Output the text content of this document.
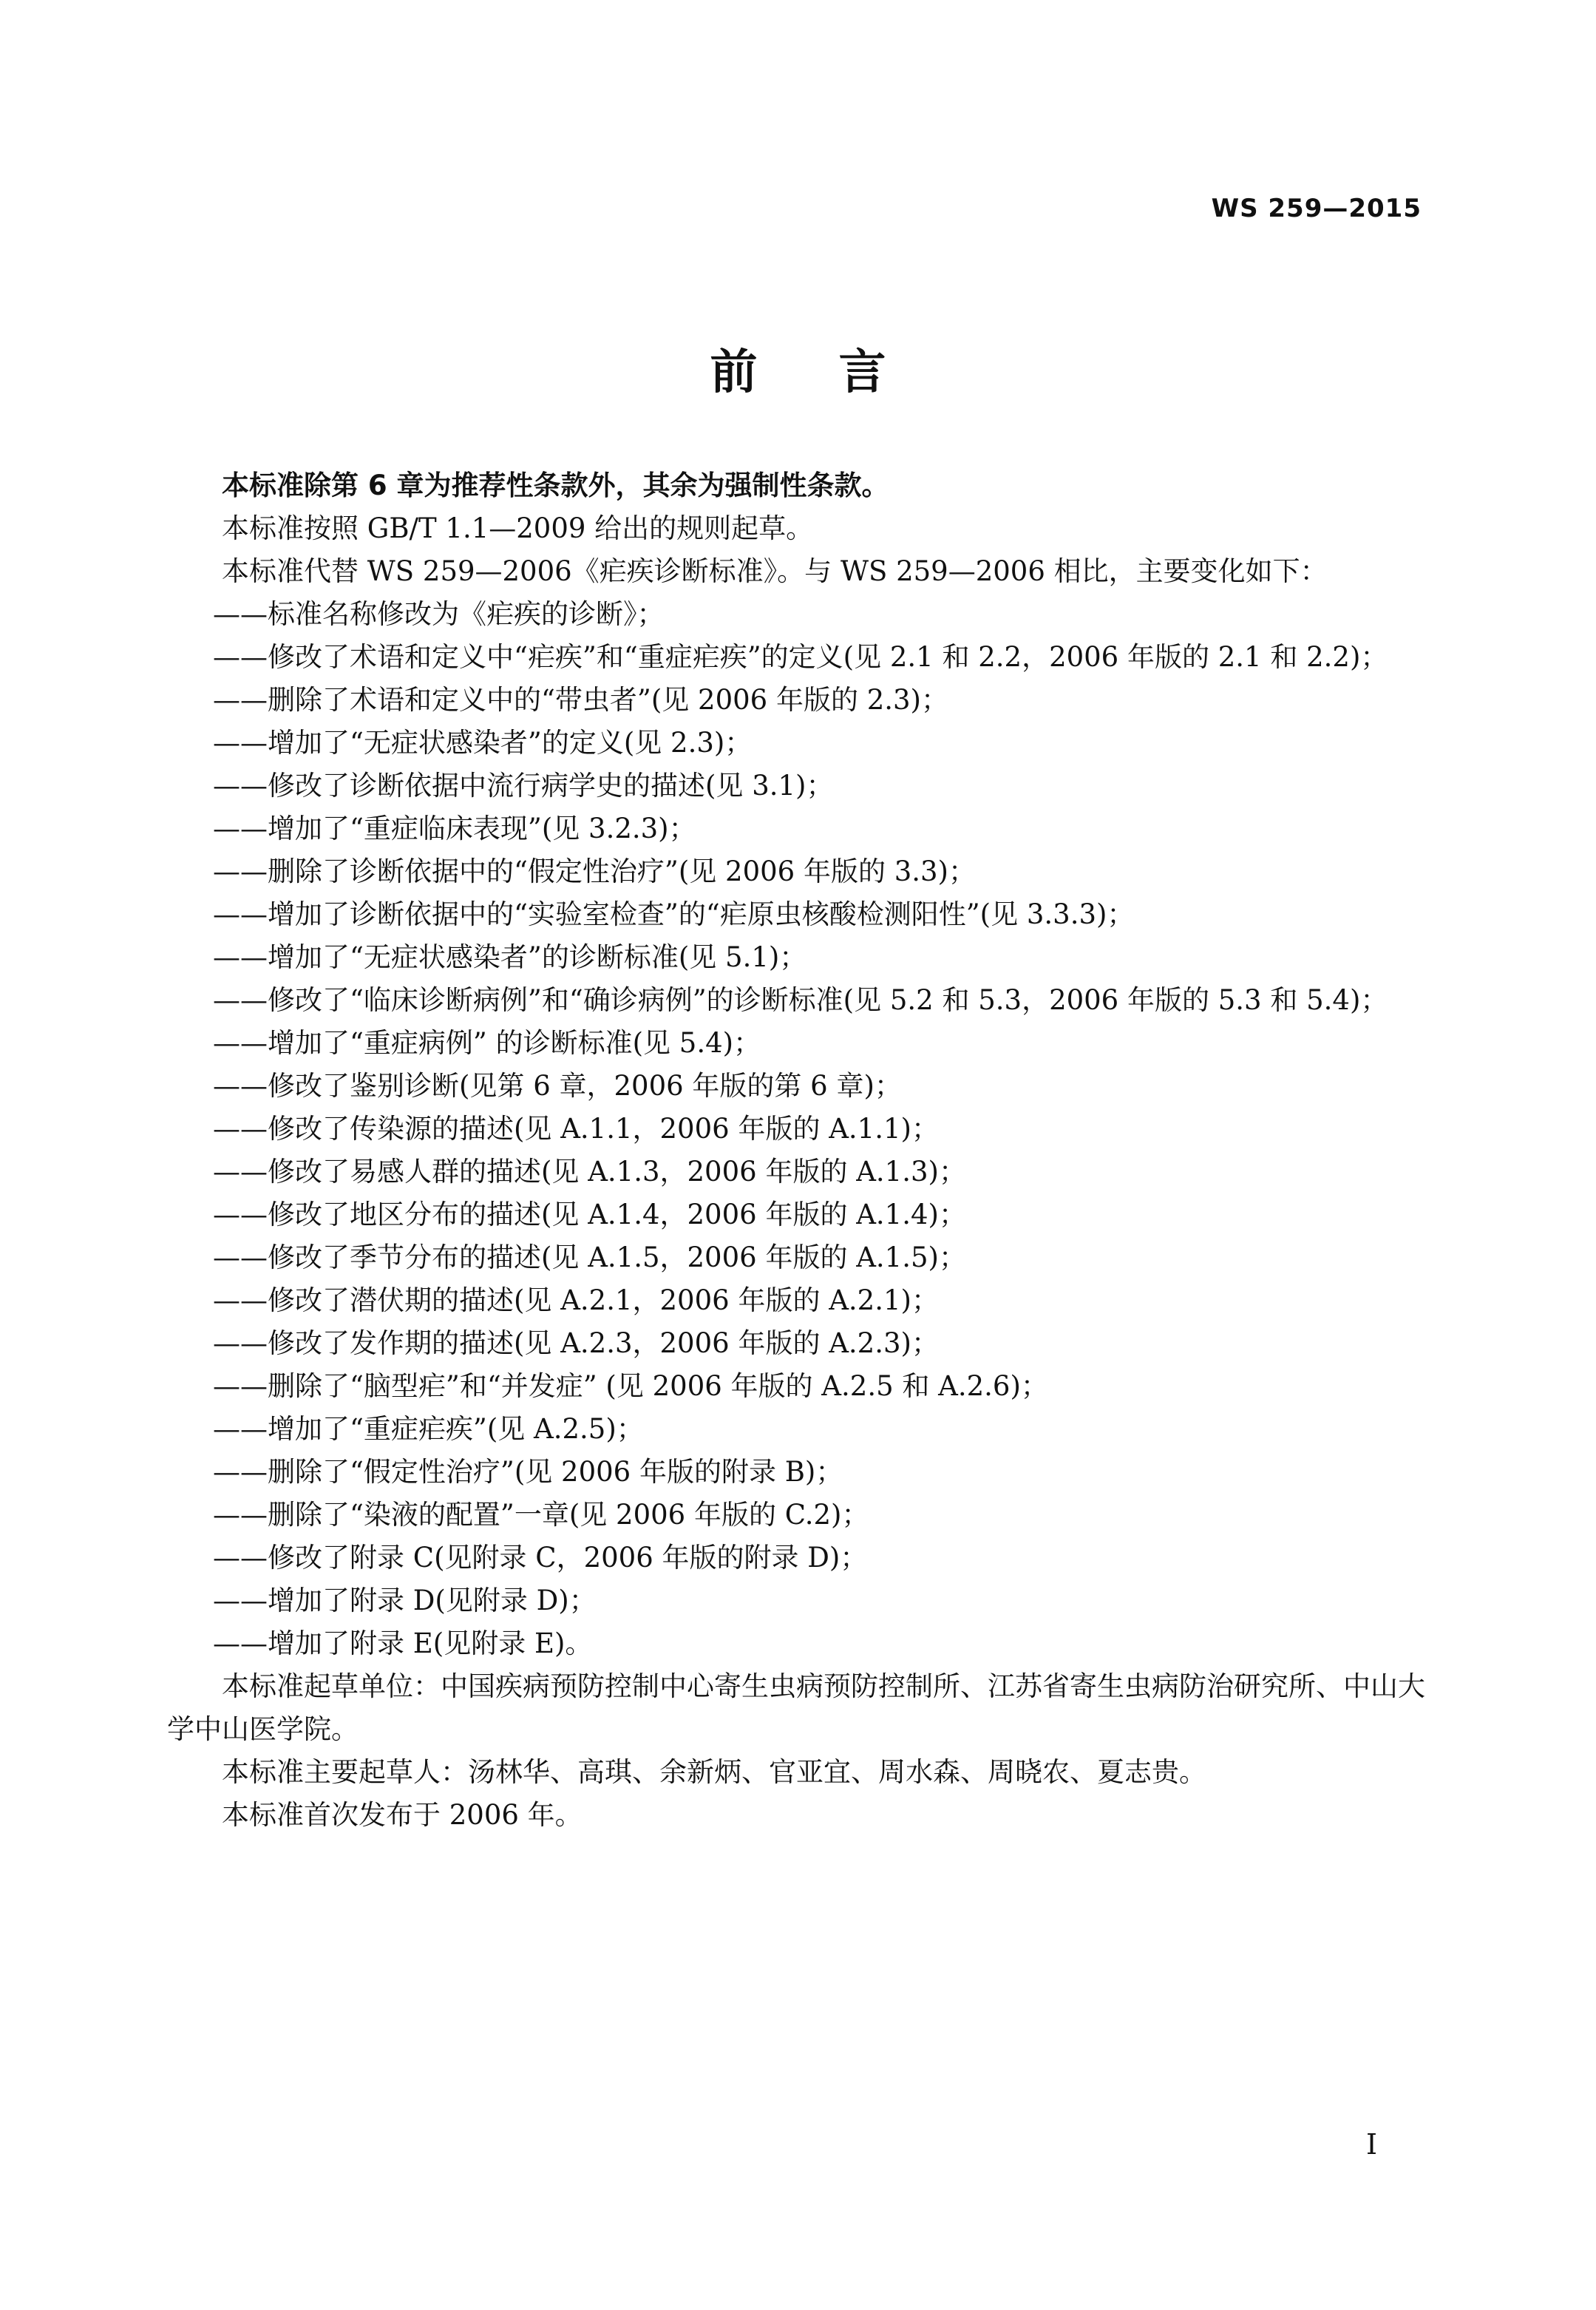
WS 259—2015
前言

本标准除第 6 章为推荐性条款外，其余为强制性条款。

本标准按照 GB/T 1.1—2009 给出的规则起草。

本标准代替 WS 259—2006《疟疾诊断标准》。与 WS 259—2006 相比，主要变化如下：

——标准名称修改为《疟疾的诊断》；

——修改了术语和定义中“疟疾”和“重症疟疾”的定义(见 2.1 和 2.2，2006 年版的 2.1 和 2.2)；

——删除了术语和定义中的“带虫者”(见 2006 年版的 2.3)；

——增加了“无症状感染者”的定义(见 2.3)；

——修改了诊断依据中流行病学史的描述(见 3.1)；

——增加了“重症临床表现”(见 3.2.3)；

——删除了诊断依据中的“假定性治疗”(见 2006 年版的 3.3)；

——增加了诊断依据中的“实验室检查”的“疟原虫核酸检测阳性”(见 3.3.3)；

——增加了“无症状感染者”的诊断标准(见 5.1)；

——修改了“临床诊断病例”和“确诊病例”的诊断标准(见 5.2 和 5.3，2006 年版的 5.3 和 5.4)；

——增加了“重症病例” 的诊断标准(见 5.4)；

——修改了鉴别诊断(见第 6 章，2006 年版的第 6 章)；

——修改了传染源的描述(见 A.1.1，2006 年版的 A.1.1)；

——修改了易感人群的描述(见 A.1.3，2006 年版的 A.1.3)；

——修改了地区分布的描述(见 A.1.4，2006 年版的 A.1.4)；

——修改了季节分布的描述(见 A.1.5，2006 年版的 A.1.5)；

——修改了潜伏期的描述(见 A.2.1，2006 年版的 A.2.1)；

——修改了发作期的描述(见 A.2.3，2006 年版的 A.2.3)；

——删除了“脑型疟”和“并发症” (见 2006 年版的 A.2.5 和 A.2.6)；

——增加了“重症疟疾”(见 A.2.5)；

——删除了“假定性治疗”(见 2006 年版的附录 B)；

——删除了“染液的配置”一章(见 2006 年版的 C.2)；

——修改了附录 C(见附录 C，2006 年版的附录 D)；

——增加了附录 D(见附录 D)；

——增加了附录 E(见附录 E)。

本标准起草单位：中国疾病预防控制中心寄生虫病预防控制所、江苏省寄生虫病防治研究所、中山大学中山医学院。

本标准主要起草人：汤林华、高琪、余新炳、官亚宜、周水森、周晓农、夏志贵。

本标准首次发布于 2006 年。

I
